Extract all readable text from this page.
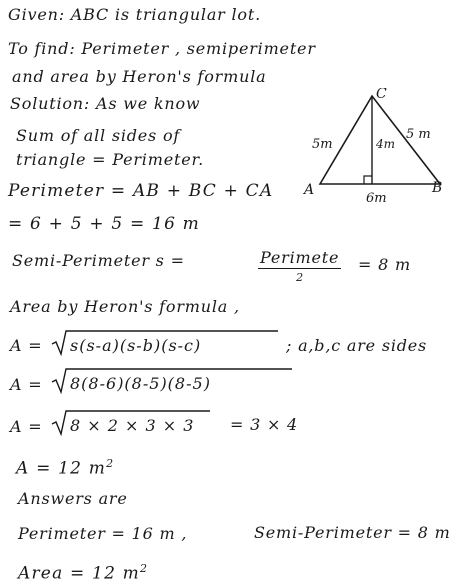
Given: ABC is triangular lot.
To find: Perimeter , semiperimeter
and area by Heron's formula
Solution: As we know
Sum of all sides of
triangle = Perimeter.
C
A	B
5m
5 m
4m
6m
Perimeter = AB + BC + CA
= 6 + 5 + 5 = 16 m
Semi-Perimeter s =	Perimete
2
= 8 m
Area by Heron's formula ,
A = s(s-a)(s-b)(s-c)	; a,b,c are sides
A = 8(8-6)(8-5)(8-5)
A = 8 × 2 × 3 × 3 = 3 × 4
A = 12 $m^2$
Answers are
Perimeter = 16 m ,	Semi-Perimeter = 8 m
Area = 12 $m^2$
